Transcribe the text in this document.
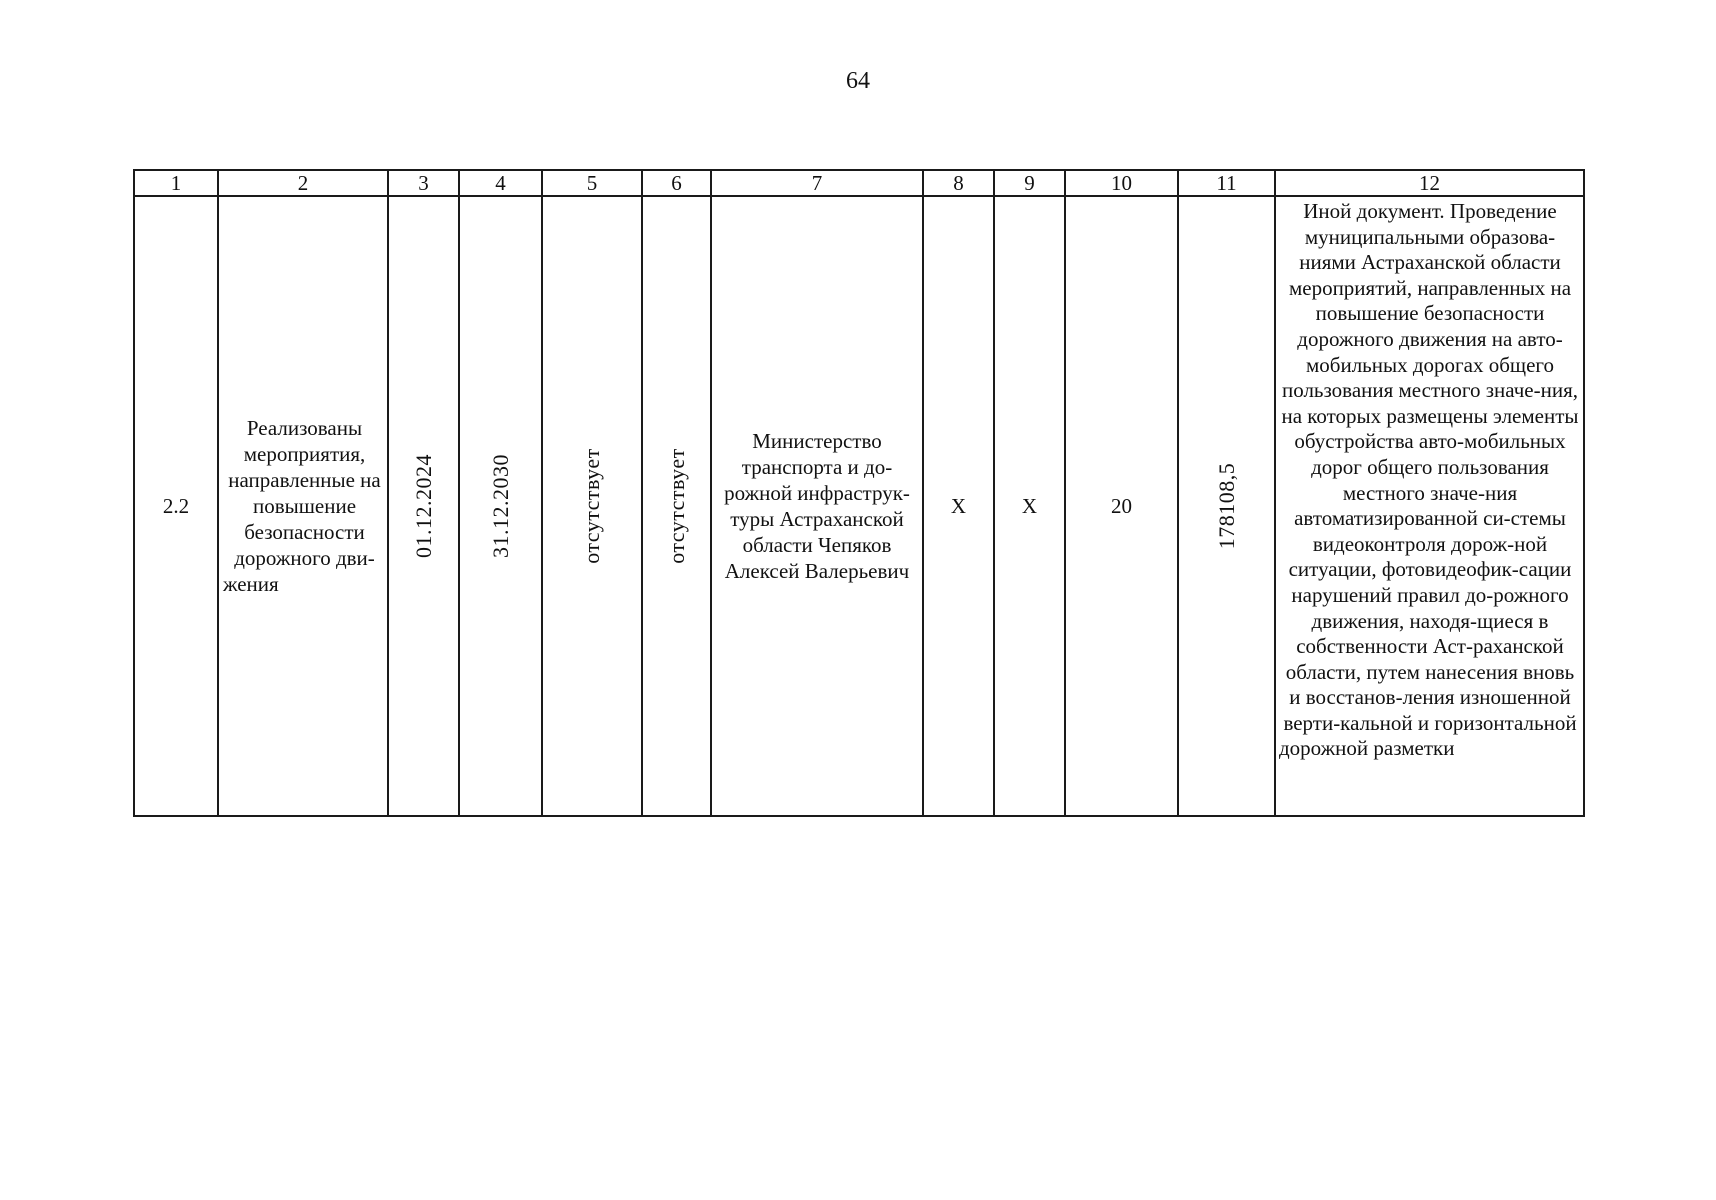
64
1	2	3	4	5	6	7	8	9	10	11	12
2.2	Реализованы мероприятия, направленные на повышение безопасности дорожного дви-жения	01.12.2024	31.12.2030	отсутствует	отсутствует	Министерство транспорта и до-рожной инфраструк-туры Астраханской области Чепяков Алексей Валерьевич	X	X	20	178108,5	Иной документ. Проведение муниципальными образова-ниями Астраханской области мероприятий, направленных на повышение безопасности дорожного движения на авто-мобильных дорогах общего пользования местного значе-ния, на которых размещены элементы обустройства авто-мобильных дорог общего пользования местного значе-ния автоматизированной си-стемы видеоконтроля дорож-ной ситуации, фотовидеофик-сации нарушений правил до-рожного движения, находя-щиеся в собственности Аст-раханской области, путем нанесения вновь и восстанов-ления изношенной верти-кальной и горизонтальной дорожной разметки
